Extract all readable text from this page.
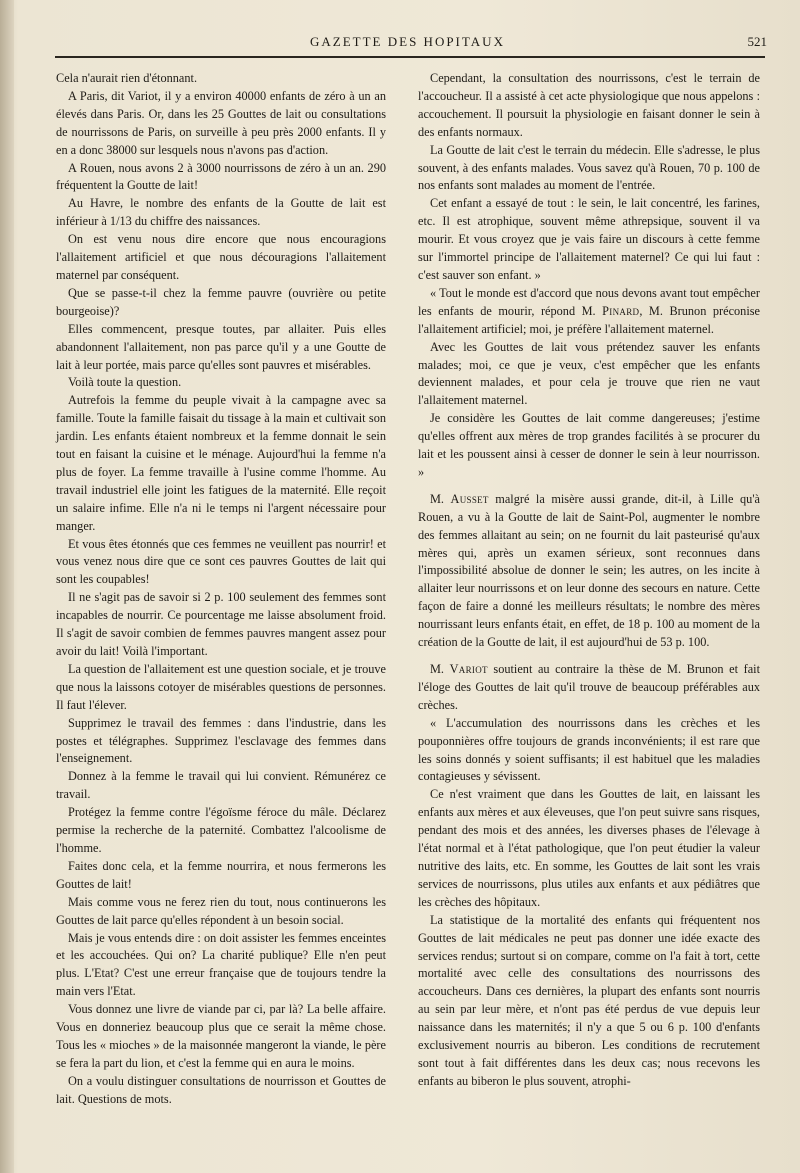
GAZETTE DES HOPITAUX	521

Cela n'aurait rien d'étonnant.

A Paris, dit Variot, il y a environ 40000 enfants de zéro à un an élevés dans Paris. Or, dans les 25 Gouttes de lait ou consultations de nourrissons de Paris, on surveille à peu près 2000 enfants. Il y en a donc 38000 sur lesquels nous n'avons pas d'action.

A Rouen, nous avons 2 à 3000 nourrissons de zéro à un an. 290 fréquentent la Goutte de lait!

Au Havre, le nombre des enfants de la Goutte de lait est inférieur à 1/13 du chiffre des naissances.

On est venu nous dire encore que nous encouragions l'allaitement artificiel et que nous découragions l'allaitement maternel par conséquent.

Que se passe-t-il chez la femme pauvre (ouvrière ou petite bourgeoise)?

Elles commencent, presque toutes, par allaiter. Puis elles abandonnent l'allaitement, non pas parce qu'il y a une Goutte de lait à leur portée, mais parce qu'elles sont pauvres et misérables.

Voilà toute la question.

Autrefois la femme du peuple vivait à la campagne avec sa famille. Toute la famille faisait du tissage à la main et cultivait son jardin. Les enfants étaient nombreux et la femme donnait le sein tout en faisant la cuisine et le ménage. Aujourd'hui la femme n'a plus de foyer. La femme travaille à l'usine comme l'homme. Au travail industriel elle joint les fatigues de la maternité. Elle reçoit un salaire infime. Elle n'a ni le temps ni l'argent nécessaire pour manger.

Et vous êtes étonnés que ces femmes ne veuillent pas nourrir! et vous venez nous dire que ce sont ces pauvres Gouttes de lait qui sont les coupables!

Il ne s'agit pas de savoir si 2 p. 100 seulement des femmes sont incapables de nourrir. Ce pourcentage me laisse absolument froid. Il s'agit de savoir combien de femmes pauvres mangent assez pour avoir du lait! Voilà l'important.

La question de l'allaitement est une question sociale, et je trouve que nous la laissons cotoyer de misérables questions de personnes. Il faut l'élever.

Supprimez le travail des femmes : dans l'industrie, dans les postes et télégraphes. Supprimez l'esclavage des femmes dans l'enseignement.

Donnez à la femme le travail qui lui convient. Rémunérez ce travail.

Protégez la femme contre l'égoïsme féroce du mâle. Déclarez permise la recherche de la paternité. Combattez l'alcoolisme de l'homme.

Faites donc cela, et la femme nourrira, et nous fermerons les Gouttes de lait!

Mais comme vous ne ferez rien du tout, nous continuerons les Gouttes de lait parce qu'elles répondent à un besoin social.

Mais je vous entends dire : on doit assister les femmes enceintes et les accouchées. Qui on? La charité publique? Elle n'en peut plus. L'Etat? C'est une erreur française que de toujours tendre la main vers l'Etat.

Vous donnez une livre de viande par ci, par là? La belle affaire. Vous en donneriez beaucoup plus que ce serait la même chose. Tous les « mioches » de la maisonnée mangeront la viande, le père se fera la part du lion, et c'est la femme qui en aura le moins.

On a voulu distinguer consultations de nourrisson et Gouttes de lait. Questions de mots.

Cependant, la consultation des nourrissons, c'est le terrain de l'accoucheur. Il a assisté à cet acte physiologique que nous appelons : accouchement. Il poursuit la physiologie en faisant donner le sein à des enfants normaux.

La Goutte de lait c'est le terrain du médecin. Elle s'adresse, le plus souvent, à des enfants malades. Vous savez qu'à Rouen, 70 p. 100 de nos enfants sont malades au moment de l'entrée.

Cet enfant a essayé de tout : le sein, le lait concentré, les farines, etc. Il est atrophique, souvent même athrepsique, souvent il va mourir. Et vous croyez que je vais faire un discours à cette femme sur l'immortel principe de l'allaitement maternel? Ce qui lui faut : c'est sauver son enfant. »

« Tout le monde est d'accord que nous devons avant tout empêcher les enfants de mourir, répond M. Pinard, M. Brunon préconise l'allaitement artificiel; moi, je préfère l'allaitement maternel.

Avec les Gouttes de lait vous prétendez sauver les enfants malades; moi, ce que je veux, c'est empêcher que les enfants deviennent malades, et pour cela je trouve que rien ne vaut l'allaitement maternel.

Je considère les Gouttes de lait comme dangereuses; j'estime qu'elles offrent aux mères de trop grandes facilités à se procurer du lait et les poussent ainsi à cesser de donner le sein à leur nourrisson. »

M. Ausset malgré la misère aussi grande, dit-il, à Lille qu'à Rouen, a vu à la Goutte de lait de Saint-Pol, augmenter le nombre des femmes allaitant au sein; on ne fournit du lait pasteurisé qu'aux mères qui, après un examen sérieux, sont reconnues dans l'impossibilité absolue de donner le sein; les autres, on les incite à allaiter leur nourrissons et on leur donne des secours en nature. Cette façon de faire a donné les meilleurs résultats; le nombre des mères nourrissant leurs enfants était, en effet, de 18 p. 100 au moment de la création de la Goutte de lait, il est aujourd'hui de 53 p. 100.

M. Variot soutient au contraire la thèse de M. Brunon et fait l'éloge des Gouttes de lait qu'il trouve de beaucoup préférables aux crèches.

« L'accumulation des nourrissons dans les crèches et les pouponnières offre toujours de grands inconvénients; il est rare que les soins donnés y soient suffisants; il est habituel que les maladies contagieuses y sévissent.

Ce n'est vraiment que dans les Gouttes de lait, en laissant les enfants aux mères et aux éleveuses, que l'on peut suivre sans risques, pendant des mois et des années, les diverses phases de l'élevage à l'état normal et à l'état pathologique, que l'on peut étudier la valeur nutritive des laits, etc. En somme, les Gouttes de lait sont les vrais services de nourrissons, plus utiles aux enfants et aux pédiâtres que les crèches des hôpitaux.

La statistique de la mortalité des enfants qui fréquentent nos Gouttes de lait médicales ne peut pas donner une idée exacte des services rendus; surtout si on compare, comme on l'a fait à tort, cette mortalité avec celle des consultations des nourrissons des accoucheurs. Dans ces dernières, la plupart des enfants sont nourris au sein par leur mère, et n'ont pas été perdus de vue depuis leur naissance dans les maternités; il n'y a que 5 ou 6 p. 100 d'enfants exclusivement nourris au biberon. Les conditions de recrutement sont tout à fait différentes dans les deux cas; nous recevons les enfants au biberon le plus souvent, atrophi-
